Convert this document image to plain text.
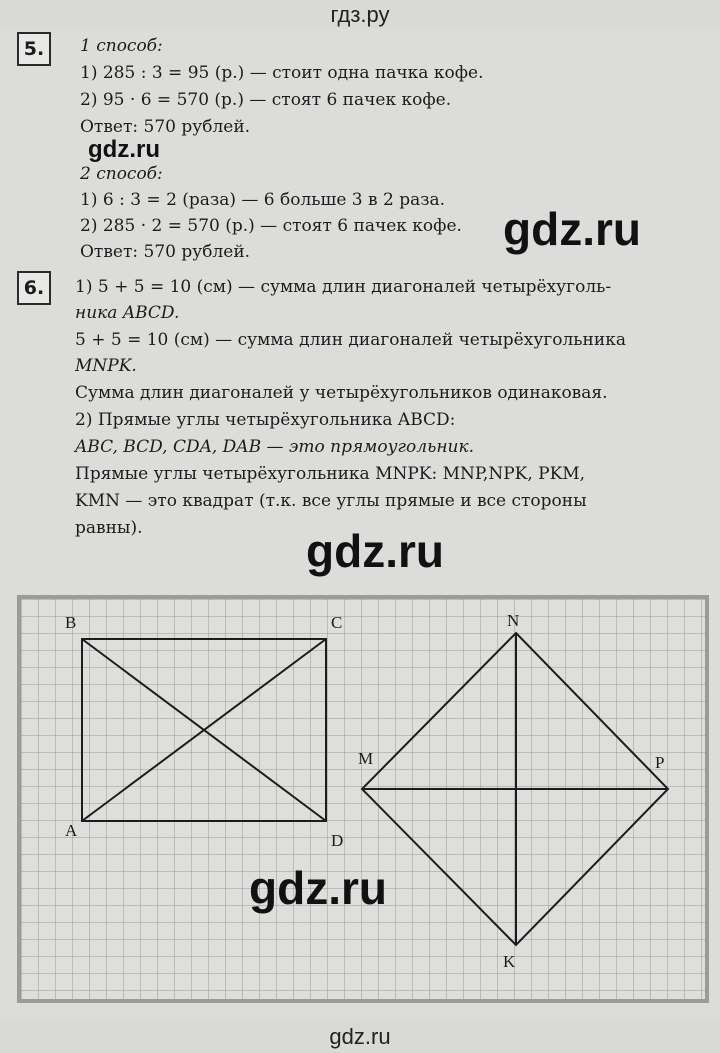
гдз.ру
5.	1 способ:
1) 285 : 3 = 95 (р.) — стоит одна пачка кофе.
2) 95 · 6 = 570 (р.) — стоят 6 пачек кофе.
Ответ: 570 рублей.
gdz.ru
2 способ:
1) 6 : 3 = 2 (раза) — 6 больше 3 в 2 раза.
2) 285 · 2 = 570 (р.) — стоят 6 пачек кофе.
Ответ: 570 рублей.	gdz.ru
6.	1) 5 + 5 = 10 (см) — сумма длин диагоналей четырёхуголь-
ника ABCD.
5 + 5 = 10 (см) — сумма длин диагоналей четырёхугольника
MNPK.
Сумма длин диагоналей у четырёхугольников одинаковая.
2) Прямые углы четырёхугольника ABCD:
ABC, BCD, CDA, DAB — это прямоугольник.
Прямые углы четырёхугольника MNPK: MNP,NPK, PKM,
KMN — это квадрат (т.к. все углы прямые и все стороны
равны).	gdz.ru
B	C
A
D
N
M	P
K
gdz.ru
gdz.ru
